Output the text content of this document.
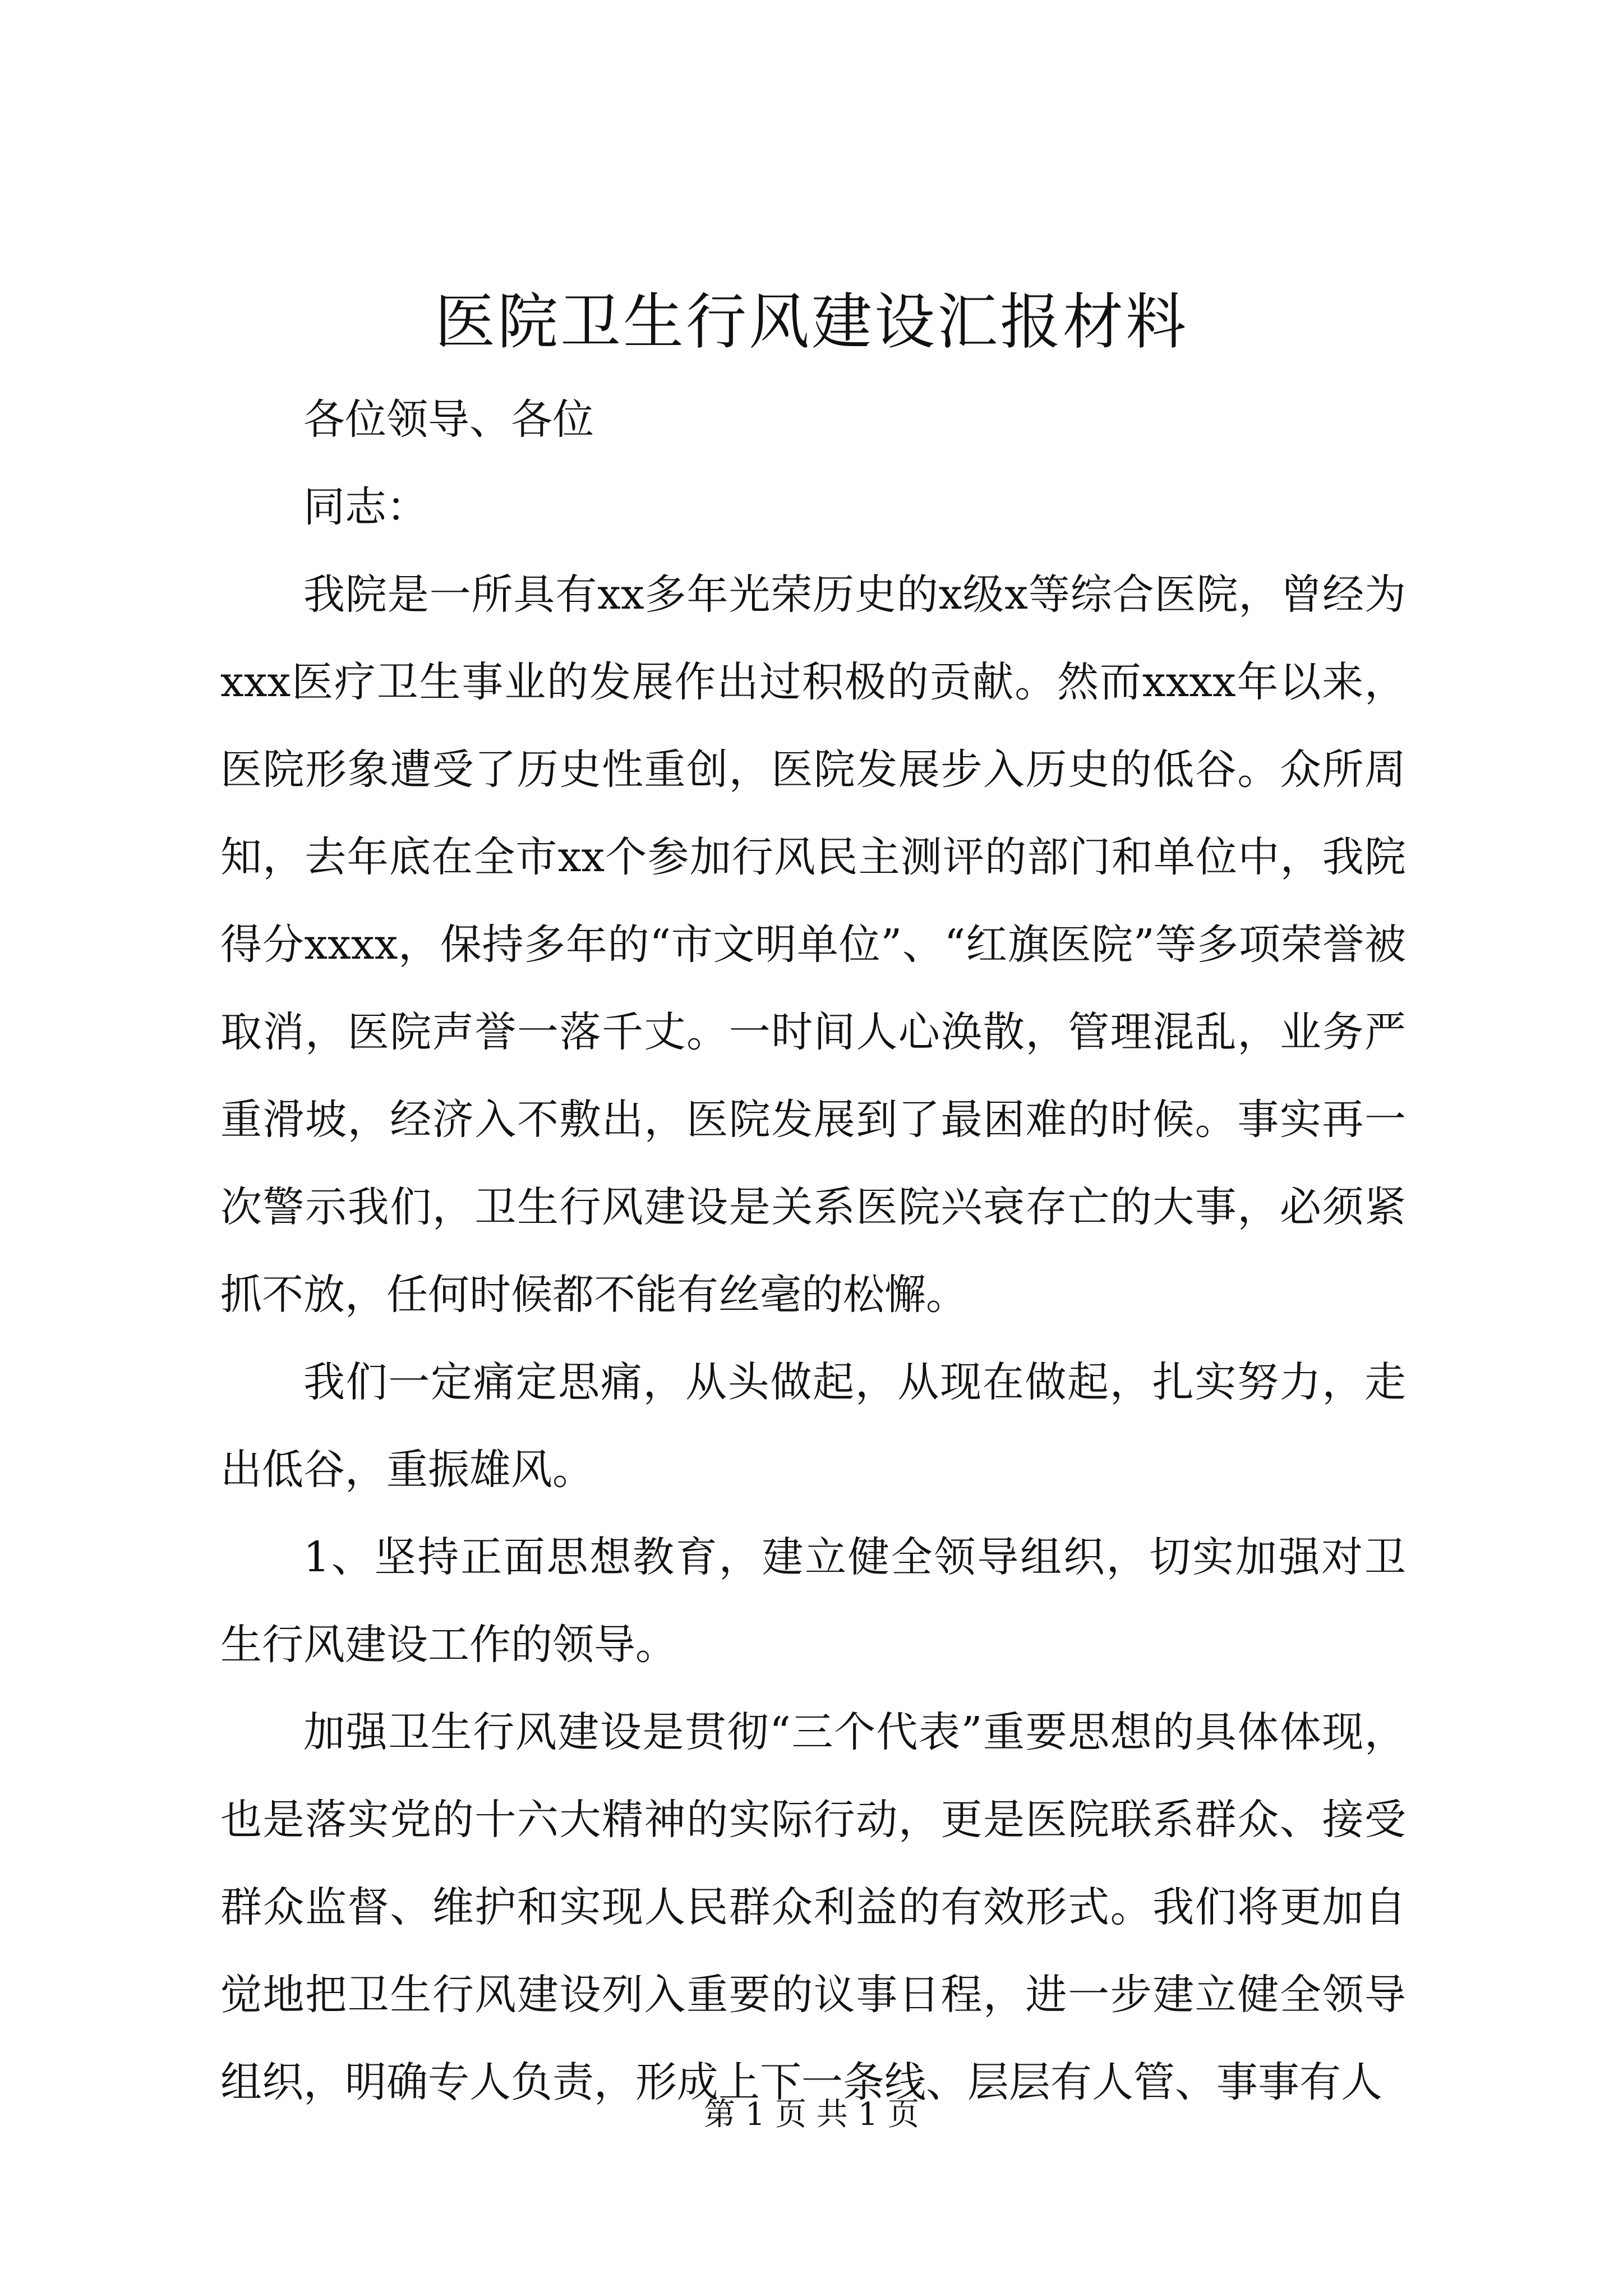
医院卫生行风建设汇报材料

各位领导、各位

同志：

我院是一所具有xx多年光荣历史的x级x等综合医院，曾经为xxx医疗卫生事业的发展作出过积极的贡献。然而xxxx年以来，医院形象遭受了历史性重创，医院发展步入历史的低谷。众所周知，去年底在全市xx个参加行风民主测评的部门和单位中，我院得分xxxx，保持多年的“市文明单位”、“红旗医院”等多项荣誉被取消，医院声誉一落千丈。一时间人心涣散，管理混乱，业务严重滑坡，经济入不敷出，医院发展到了最困难的时候。事实再一次警示我们，卫生行风建设是关系医院兴衰存亡的大事，必须紧抓不放，任何时候都不能有丝毫的松懈。

我们一定痛定思痛，从头做起，从现在做起，扎实努力，走出低谷，重振雄风。

1、坚持正面思想教育，建立健全领导组织，切实加强对卫生行风建设工作的领导。

加强卫生行风建设是贯彻“三个代表”重要思想的具体体现，也是落实党的十六大精神的实际行动，更是医院联系群众、接受群众监督、维护和实现人民群众利益的有效形式。我们将更加自觉地把卫生行风建设列入重要的议事日程，进一步建立健全领导组织，明确专人负责，形成上下一条线、层层有人管、事事有人

第 1 页 共 1 页
